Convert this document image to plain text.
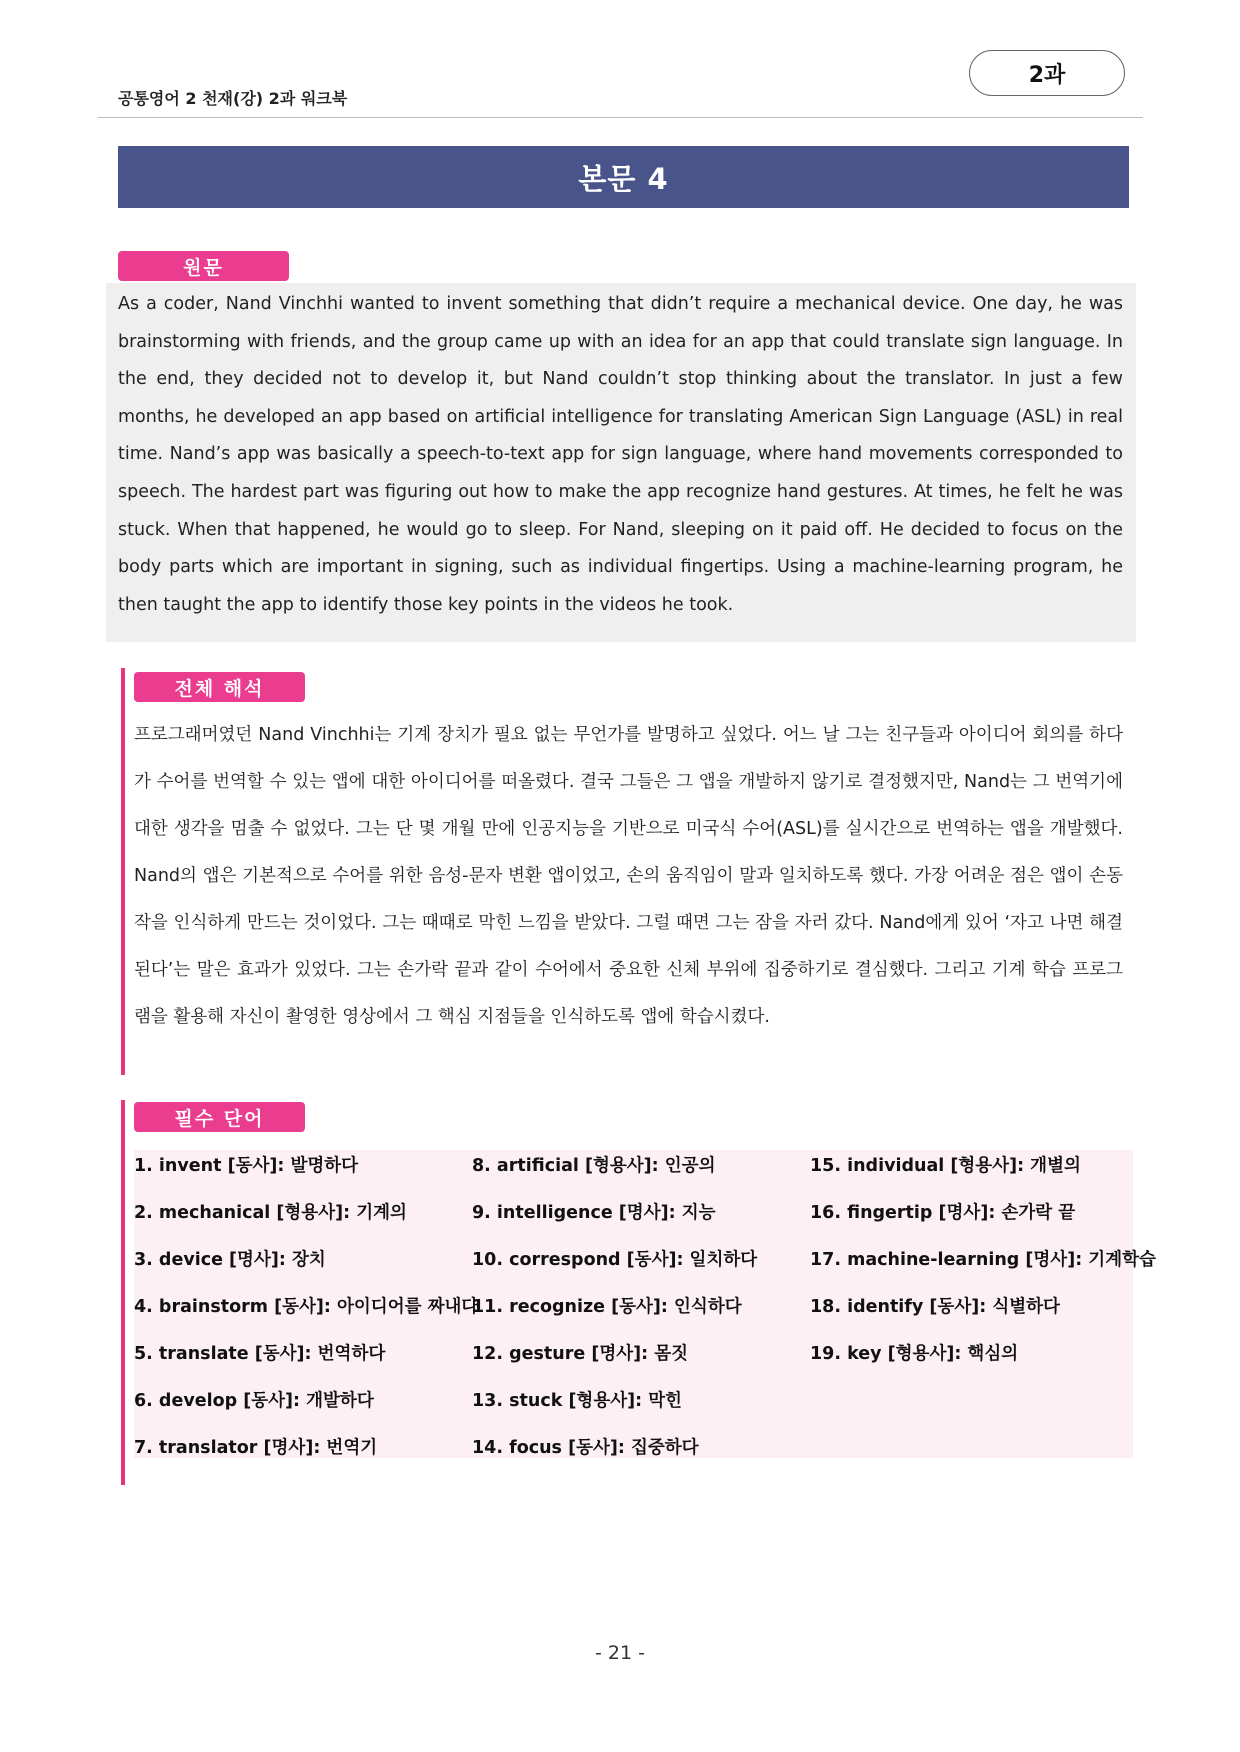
공통영어 2 천재(강) 2과 워크북
2과
본문 4
원문

As a coder, Nand Vinchhi wanted to invent something that didn’t require a mechanical device. One day, he was brainstorming with friends, and the group came up with an idea for an app that could translate sign language. In the end, they decided not to develop it, but Nand couldn’t stop thinking about the translator. In just a few months, he developed an app based on artificial intelligence for translating American Sign Language (ASL) in real time. Nand’s app was basically a speech-to-text app for sign language, where hand movements corresponded to speech. The hardest part was figuring out how to make the app recognize hand gestures. At times, he felt he was stuck. When that happened, he would go to sleep. For Nand, sleeping on it paid off. He decided to focus on the body parts which are important in signing, such as individual fingertips. Using a machine-learning program, he then taught the app to identify those key points in the videos he took.

전체 해석

프로그래머였던 Nand Vinchhi는 기계 장치가 필요 없는 무언가를 발명하고 싶었다. 어느 날 그는 친구들과 아이디어 회의를 하다가 수어를 번역할 수 있는 앱에 대한 아이디어를 떠올렸다. 결국 그들은 그 앱을 개발하지 않기로 결정했지만, Nand는 그 번역기에 대한 생각을 멈출 수 없었다. 그는 단 몇 개월 만에 인공지능을 기반으로 미국식 수어(ASL)를 실시간으로 번역하는 앱을 개발했다. Nand의 앱은 기본적으로 수어를 위한 음성-문자 변환 앱이었고, 손의 움직임이 말과 일치하도록 했다. 가장 어려운 점은 앱이 손동작을 인식하게 만드는 것이었다. 그는 때때로 막힌 느낌을 받았다. 그럴 때면 그는 잠을 자러 갔다. Nand에게 있어 ‘자고 나면 해결된다’는 말은 효과가 있었다. 그는 손가락 끝과 같이 수어에서 중요한 신체 부위에 집중하기로 결심했다. 그리고 기계 학습 프로그램을 활용해 자신이 촬영한 영상에서 그 핵심 지점들을 인식하도록 앱에 학습시켰다.

필수 단어
1. invent [동사]: 발명하다
2. mechanical [형용사]: 기계의
3. device [명사]: 장치
4. brainstorm [동사]: 아이디어를 짜내다
5. translate [동사]: 번역하다
6. develop [동사]: 개발하다
7. translator [명사]: 번역기
8. artificial [형용사]: 인공의
9. intelligence [명사]: 지능
10. correspond [동사]: 일치하다
11. recognize [동사]: 인식하다
12. gesture [명사]: 몸짓
13. stuck [형용사]: 막힌
14. focus [동사]: 집중하다
15. individual [형용사]: 개별의
16. fingertip [명사]: 손가락 끝
17. machine-learning [명사]: 기계학습
18. identify [동사]: 식별하다
19. key [형용사]: 핵심의
- 21 -
